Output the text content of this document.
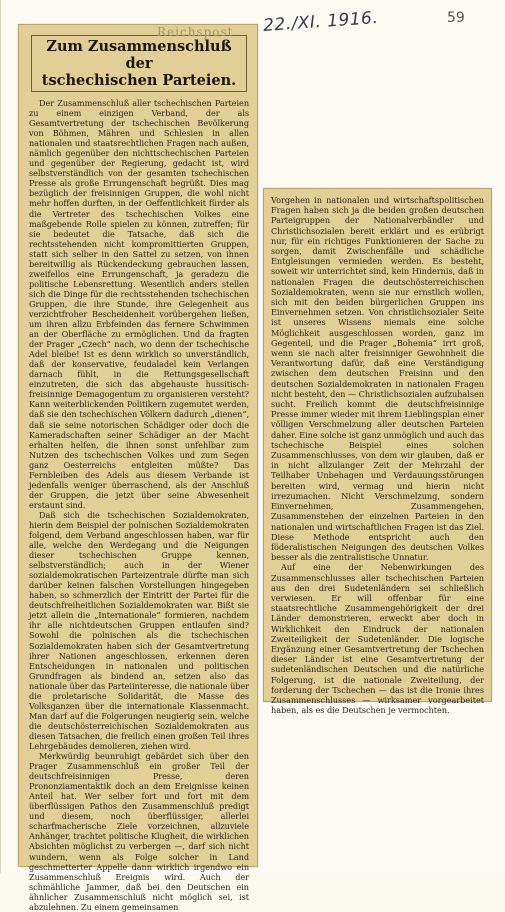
22./XI. 1916.	59
Reichspost
Zum Zusammenschluß der
tschechischen Parteien.

Der Zusammenschluß aller tschechischen Parteien zu einem einzigen Verband, der als Gesamtvertretung der tschechischen Bevölkerung von Böhmen, Mähren und Schlesien in allen nationalen und staatsrechtlichen Fragen nach außen, nämlich gegenüber den nichttschechischen Parteien und gegenüber der Regierung, gedacht ist, wird selbstverständlich von der gesamten tschechischen Presse als große Errungenschaft begrüßt. Dies mag bezüglich der freisinnigen Gruppen, die wohl nicht mehr hoffen durften, in der Oeffentlichkeit fürder als die Vertreter des tschechischen Volkes eine maßgebende Rolle spielen zu können, zutreffen; für sie bedeutet die Tatsache, daß sich die rechtsstehenden nicht kompromittierten Gruppen, statt sich selber in den Sattel zu setzen, von ihnen bereitwillig als Rückendeckung gebrauchen lassen, zweifellos eine Errungenschaft, ja geradezu die politische Lebensrettung. Wesentlich anders stellen sich die Dinge für die rechtsstehenden tschechischen Gruppen, die ihre Stunde, ihre Gelegenheit aus verzichtfroher Bescheidenheit vorübergehen ließen, um ihren allzu Erbfeinden das fernere Schwimmen an der Oberfläche zu ermöglichen. Und da fragten der Prager „Czech“ nach, wo denn der tschechische Adel bleibe! Ist es denn wirklich so unverständlich, daß der konservative, feudaladel kein Verlangen darnach fühlt, in die Rettungsgesellschaft einzutreten, die sich das abgehauste hussitisch-freisinnige Demagogentum zu organisieren versteht? Kann weiterblickenden Politikern zugemutet werden, daß sie den tschechischen Völkern dadurch „dienen“, daß sie seine notorischen Schädiger oder doch die Kameradschaften seiner Schädiger an der Macht erhalten helfen, die ihnen sonst unfehlbar zum Nutzen des tschechischen Volkes und zum Segen ganz Oesterreichs entgleiten müßte? Das Fernbleiben des Adels aus diesem Verbande ist jedenfalls weniger überraschend, als der Anschluß der Gruppen, die jetzt über seine Abwesenheit erstaunt sind.

Daß sich die tschechischen Sozialdemokraten, hierin dem Beispiel der polnischen Sozialdemokraten folgend, dem Verband angeschlossen haben, war für alle, welche den Werdegang und die Neigungen dieser tschechischen Gruppe kennen, selbstverständlich; auch in der Wiener sozialdemokratischen Parteizentrale dürfte man sich darüber keinen falschen Vorstellungen hingegeben haben, so schmerzlich der Eintritt der Partei für die deutschfreiheitlichen Sozialdemokraten war. Bißt sie jetzt allein die „Internationale“ formieren, nachdem ihr alle nichtdeutschen Gruppen entlaufen sind? Sowohl die polnischen als die tschechischen Sozialdemokraten haben sich der Gesamtvertretung ihrer Nationen angeschlossen, erkennen deren Entscheidungen in nationalen und politischen Grundfragen als bindend an, setzen also das nationale über das Parteiinteresse, die nationale über die proletarische Solidarität, die Masse des Volksganzen über die internationale Klassenmacht. Man darf auf die Folgerungen neugierig sein, welche die deutschösterreichischen Sozialdemokraten aus diesen Tatsachen, die freilich einen großen Teil ihres Lehrgebäudes demolieren, ziehen wird.

Merkwürdig beunruhigt gebärdet sich über den Prager Zusammenschluß ein großer Teil der deutschfreisinnigen Presse, deren Prononziamentaktik doch an dem Ereignisse keinen Anteil hat. Wer selber fort und fort mit dem überflüssigen Pathos den Zusammenschluß predigt und diesem, noch überflüssiger, allerlei scharfmacherische Ziele vorzeichnen, allzuviele Anhänger, trachtet politische Klugheit, die wirklichen Absichten möglichst zu verbergen —, darf sich nicht wundern, wenn als Folge solcher in Land geschmetterter Appelle dann wirklich irgendwo ein Zusammenschluß Ereignis wird. Auch der schmähliche Jammer, daß bei den Deutschen ein ähnlicher Zusammenschluß nicht möglich sei, ist abzulehnen. Zu einem gemeinsamen

Vorgehen in nationalen und wirtschaftspolitischen Fragen haben sich ja die beiden großen deutschen Parteigruppen der Nationalverbändler und Christlichsozialen bereit erklärt und es erübrigt nur, für ein richtiges Funktionieren der Sache zu sorgen, damit Zwischenfälle und schädliche Entgleisungen vermieden werden. Es besteht, soweit wir unterrichtet sind, kein Hindernis, daß in nationalen Fragen die deutschösterreichischen Sozialdemokraten, wenn sie nur ernstlich wollen, sich mit den beiden bürgerlichen Gruppen ins Einvernehmen setzen. Von christlichsozialer Seite ist unseres Wissens niemals eine solche Möglichkeit ausgeschlossen worden, ganz im Gegenteil, und die Prager „Bohemia“ irrt groß, wenn sie nach alter freisinniger Gewohnheit die Verantwortung dafür, daß eine Verständigung zwischen dem deutschen Freisinn und den deutschen Sozialdemokraten in nationalen Fragen nicht besteht, den — Christlichsozialen aufzuhalsen sucht. Freilich kommt die deutschfreisinnige Presse immer wieder mit ihrem Lieblingsplan einer völligen Verschmelzung aller deutschen Parteien daher. Eine solche ist ganz unmöglich und auch das tschechische Beispiel eines solchen Zusammenschlusses, von dem wir glauben, daß er in nicht allzulanger Zeit der Mehrzahl der Teilhaber Unbehagen und Verdauungsstörungen bereiten wird, vermag und hierin nicht irrezumachen. Nicht Verschmelzung, sondern Einvernehmen, Zusammengehen, Zusammenstehen der einzelnen Parteien in den nationalen und wirtschaftlichen Fragen ist das Ziel. Diese Methode entspricht auch den föderalistischen Neigungen des deutschen Volkes besser als die zentralistische Unnatur.

Auf eine der Nebenwirkungen des Zusammenschlusses aller tschechischen Parteien aus den drei Sudetenländern sei schließlich verwiesen. Er will offenbar für eine staatsrechtliche Zusammengehörigkeit der drei Länder demonstrieren, erweckt aber doch in Wirklichkeit den Eindruck der nationalen Zweiteiligkeit der Sudetenländer. Die logische Ergänzung einer Gesamtvertretung der Tschechen dieser Länder ist eine Gesamtvertretung der sudetenländischen Deutschen und die natürliche Folgerung, ist die nationale Zweiteilung, der forderung der Tschechen — das ist die Ironie ihres Zusammenschlusses — wirksamer vorgearbeitet haben, als es die Deutschen je vermochten.
